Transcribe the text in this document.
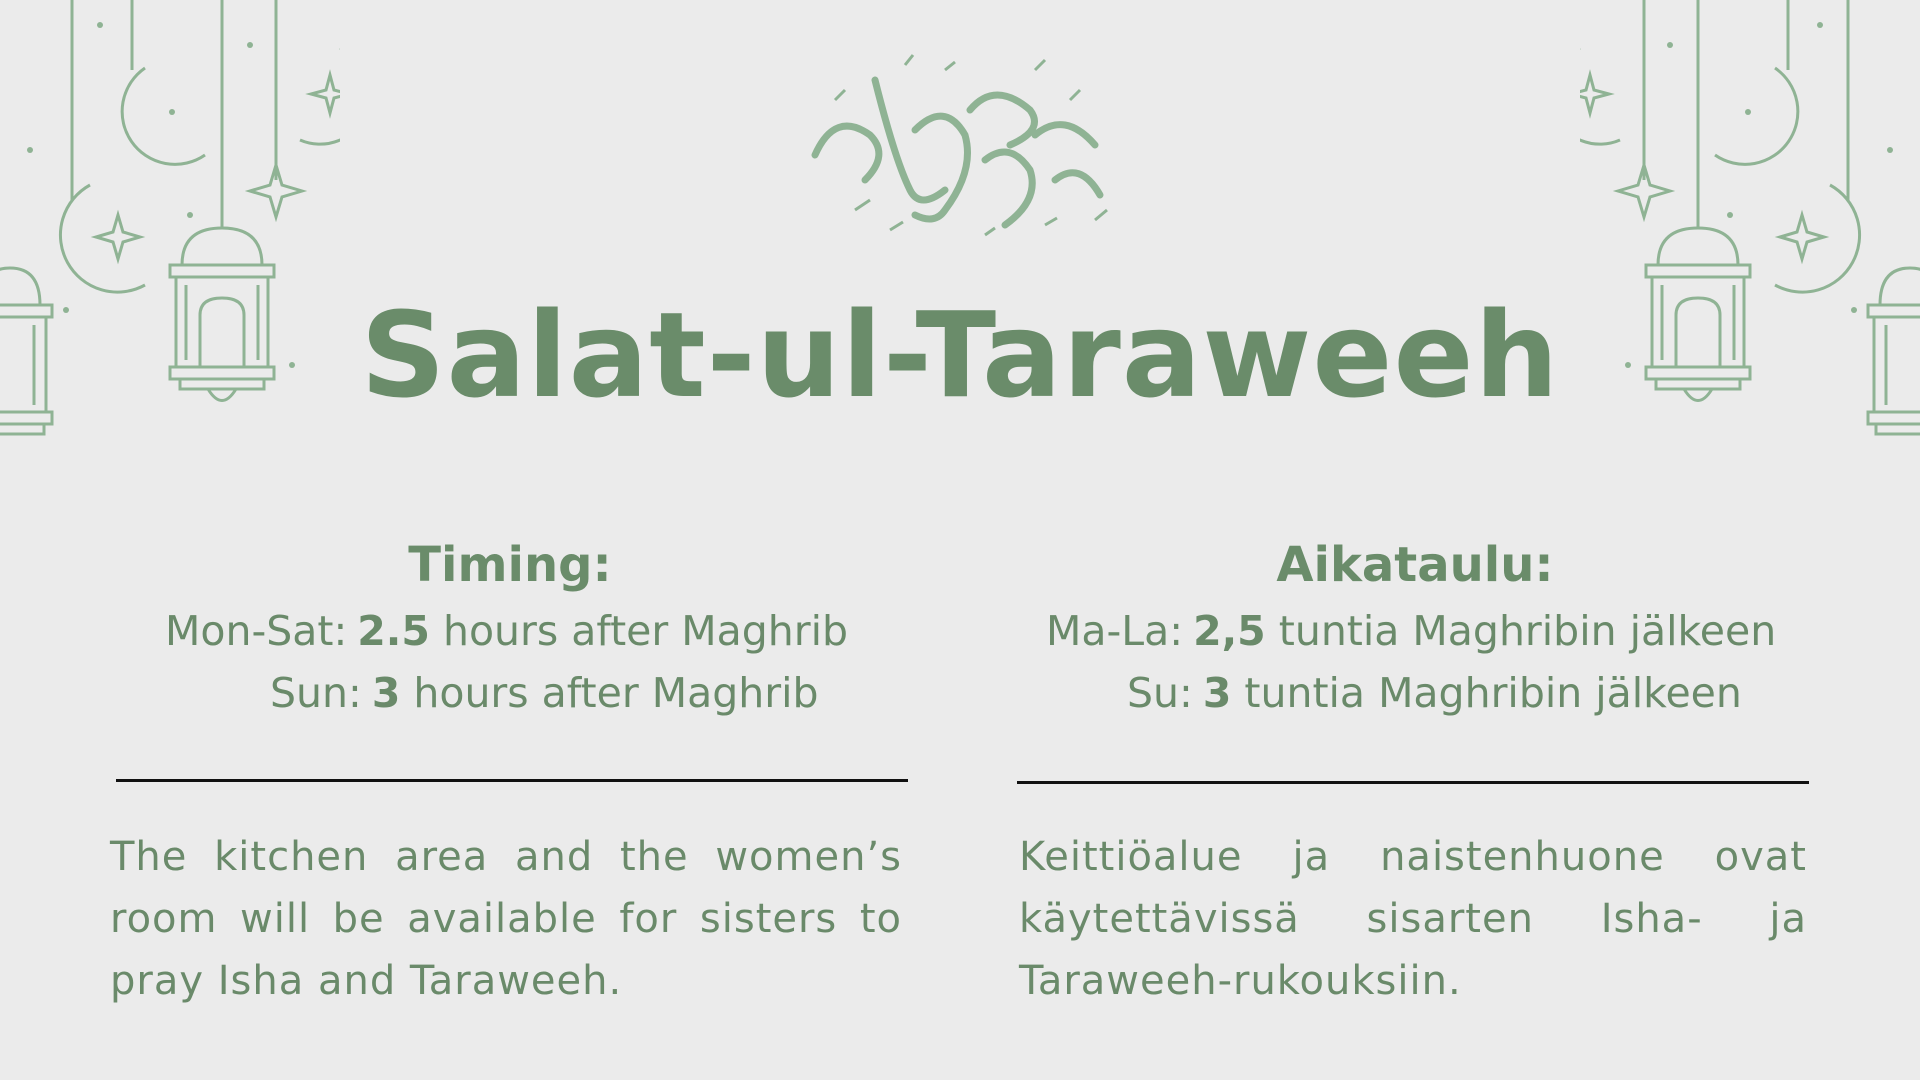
Salat-ul-Taraweeh
Timing:
Mon-Sat: 2.5 hours after Maghrib
Sun: 3 hours after Maghrib
Aikataulu:
Ma-La: 2,5 tuntia Maghribin jälkeen
Su: 3 tuntia Maghribin jälkeen
The kitchen area and the women’s room will be available for sisters to pray Isha and Taraweeh.
Keittiöalue ja naistenhuone ovat käytettävissä sisarten Isha- ja Taraweeh-rukouksiin.
